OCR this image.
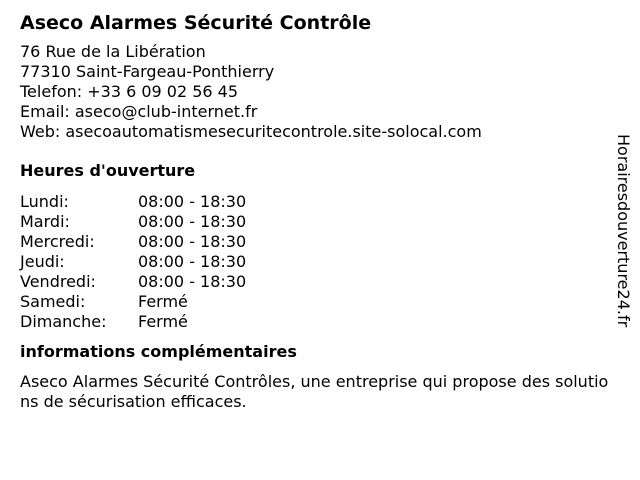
Aseco Alarmes Sécurité Contrôle
76 Rue de la Libération
77310 Saint-Fargeau-Ponthierry
Telefon: +33 6 09 02 56 45
Email: aseco@club-internet.fr
Web: asecoautomatismesecuritecontrole.site-solocal.com
Heures d'ouverture
Lundi:	08:00 - 18:30
Mardi:	08:00 - 18:30
Mercredi:	08:00 - 18:30
Jeudi:	08:00 - 18:30
Vendredi:	08:00 - 18:30
Samedi:	Fermé
Dimanche:	Fermé
informations complémentaires

Aseco Alarmes Sécurité Contrôles, une entreprise qui propose des solutions de sécurisation efficaces.

Horairesdouverture24.fr
